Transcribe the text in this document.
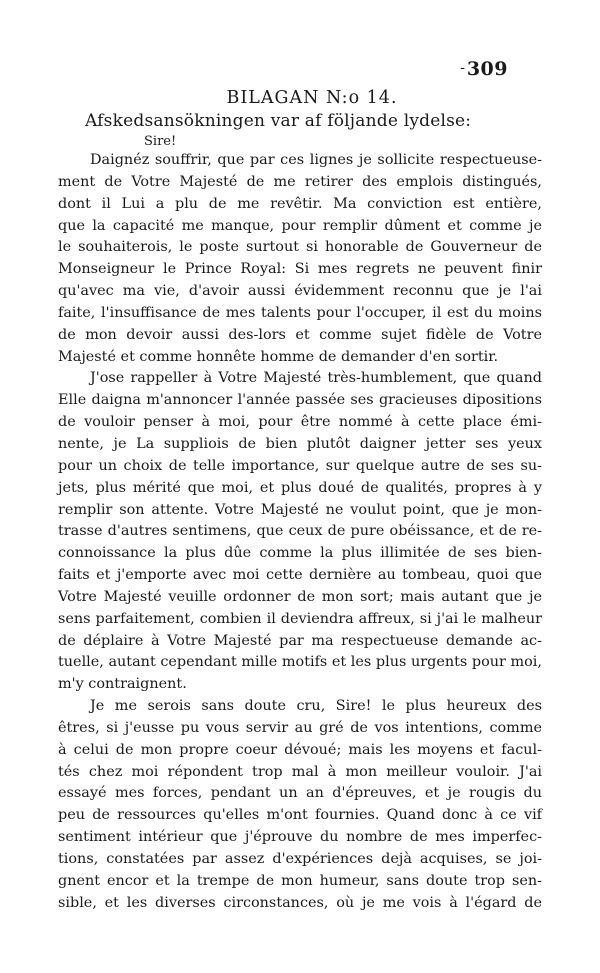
- 309
BILAGAN N:o 14.
Afskedsansökningen var af följande lydelse:
Sire!
Daignéz souffrir, que par ces lignes je sollicite respectueuse-
ment de Votre Majesté de me retirer des emplois distingués,
dont il Lui a plu de me revêtir. Ma conviction est entière,
que la capacité me manque, pour remplir dûment et comme je
le souhaiterois, le poste surtout si honorable de Gouverneur de
Monseigneur le Prince Royal: Si mes regrets ne peuvent finir
qu'avec ma vie, d'avoir aussi évidemment reconnu que je l'ai
faite, l'insuffisance de mes talents pour l'occuper, il est du moins
de mon devoir aussi des-lors et comme sujet fidèle de Votre
Majesté et comme honnête homme de demander d'en sortir.
J'ose rappeller à Votre Majesté très-humblement, que quand
Elle daigna m'annoncer l'année passée ses gracieuses dipositions
de vouloir penser à moi, pour être nommé à cette place émi-
nente, je La suppliois de bien plutôt daigner jetter ses yeux
pour un choix de telle importance, sur quelque autre de ses su-
jets, plus mérité que moi, et plus doué de qualités, propres à y
remplir son attente. Votre Majesté ne voulut point, que je mon-
trasse d'autres sentimens, que ceux de pure obéissance, et de re-
connoissance la plus dûe comme la plus illimitée de ses bien-
faits et j'emporte avec moi cette dernière au tombeau, quoi que
Votre Majesté veuille ordonner de mon sort; mais autant que je
sens parfaitement, combien il deviendra affreux, si j'ai le malheur
de déplaire à Votre Majesté par ma respectueuse demande ac-
tuelle, autant cependant mille motifs et les plus urgents pour moi,
m'y contraignent.
Je me serois sans doute cru, Sire! le plus heureux des
êtres, si j'eusse pu vous servir au gré de vos intentions, comme
à celui de mon propre coeur dévoué; mais les moyens et facul-
tés chez moi répondent trop mal à mon meilleur vouloir. J'ai
essayé mes forces, pendant un an d'épreuves, et je rougis du
peu de ressources qu'elles m'ont fournies. Quand donc à ce vif
sentiment intérieur que j'éprouve du nombre de mes imperfec-
tions, constatées par assez d'expériences dejà acquises, se joi-
gnent encor et la trempe de mon humeur, sans doute trop sen-
sible, et les diverses circonstances, où je me vois à l'égard de
